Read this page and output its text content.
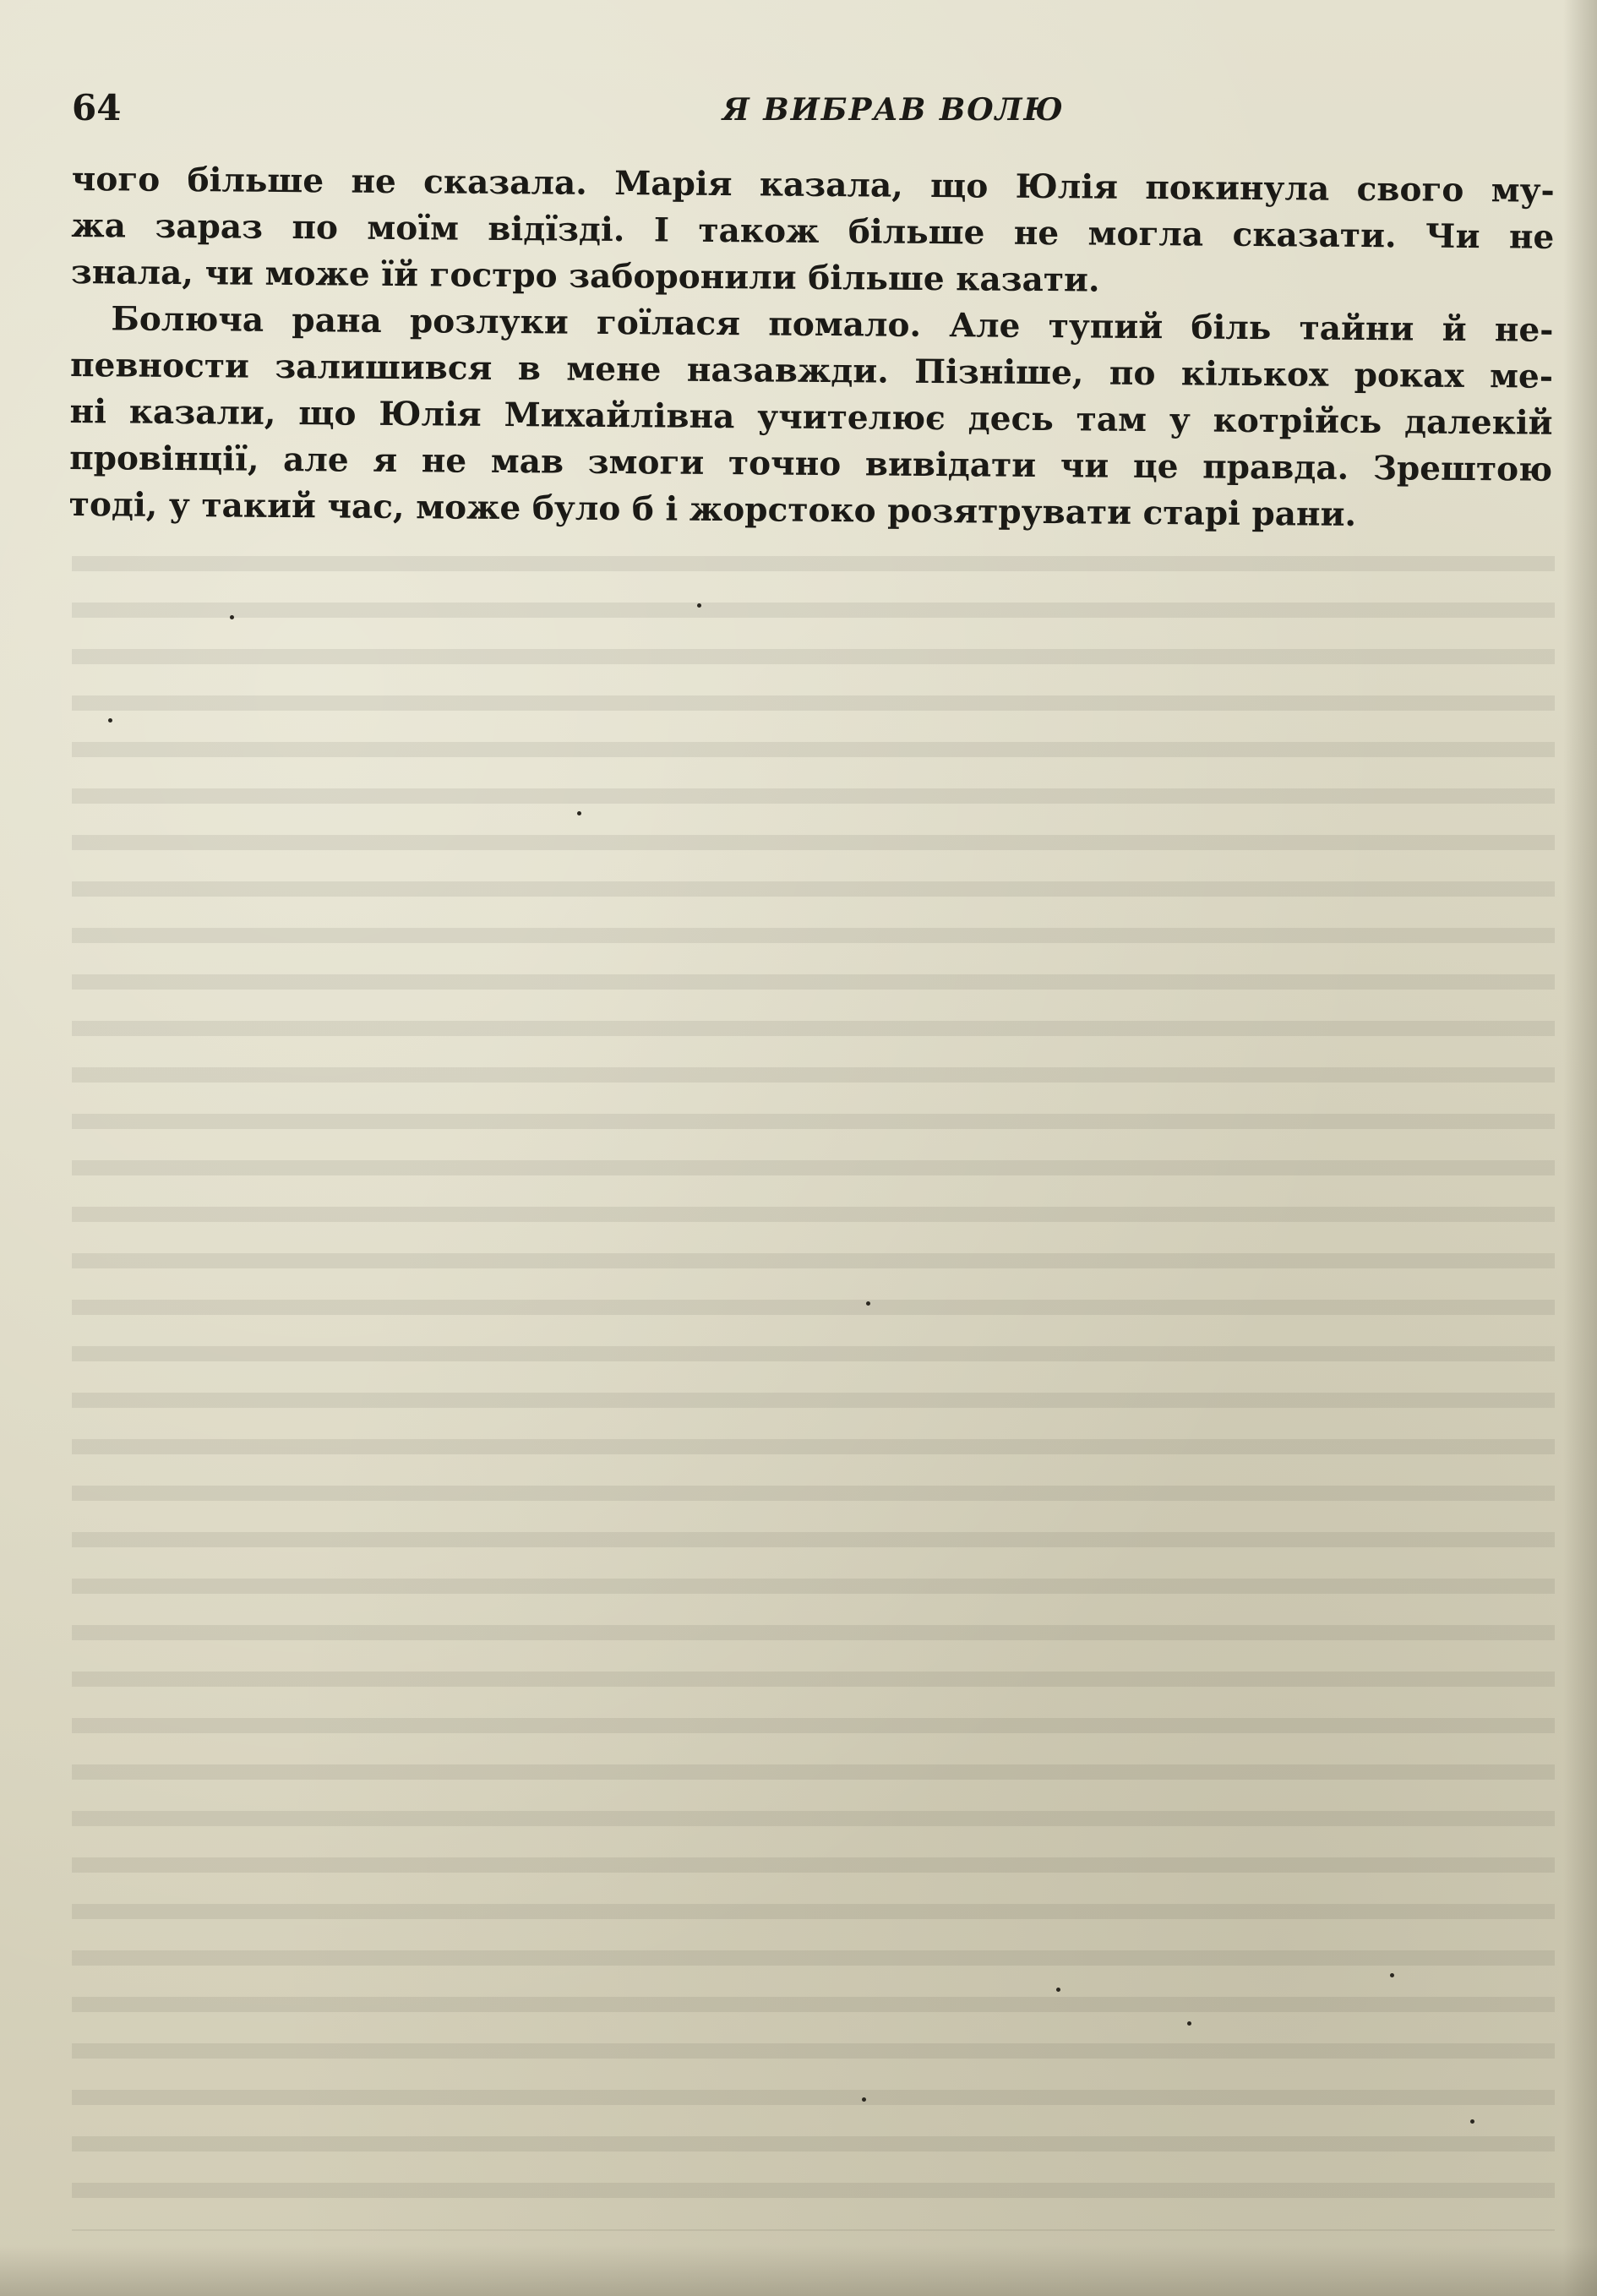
64	Я ВИБРАВ ВОЛЮ

чого більше не сказала. Марія казала, що Юлія покинула свого му-
жа зараз по моїм відїзді. І також більше не могла сказати. Чи не
знала, чи може їй гостро заборонили більше казати.

Болюча рана розлуки гоїлася помало. Але тупий біль тайни й не-
певности залишився в мене назавжди. Пізніше, по кількох роках ме-
ні казали, що Юлія Михайлівна учителює десь там у котрійсь далекій
провінції, але я не мав змоги точно вивідати чи це правда. Зрештою
тоді, у такий час, може було б і жорстоко розятрувати старі рани.
